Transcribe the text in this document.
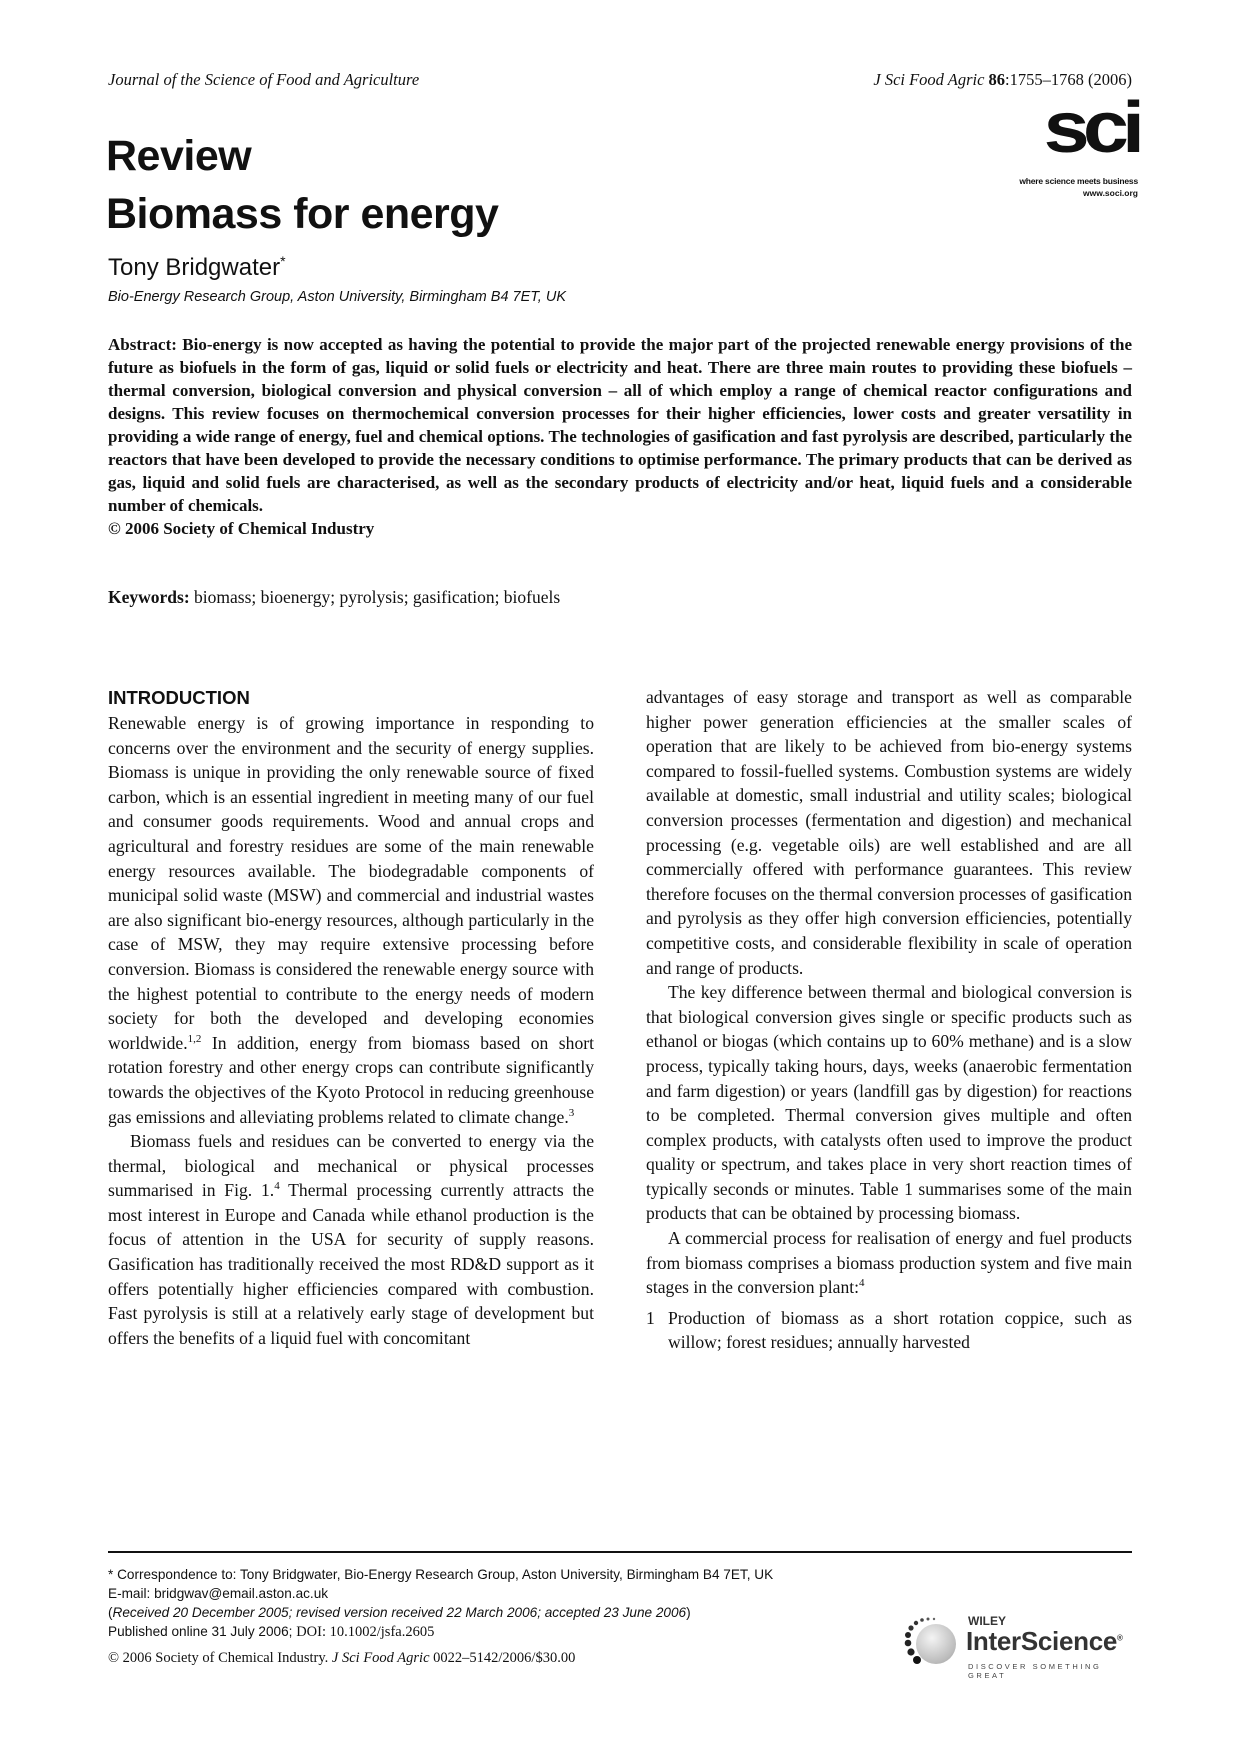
Journal of the Science of Food and Agriculture	J Sci Food Agric 86:1755–1768 (2006)
sci
where science meets business
www.soci.org
Review
Biomass for energy
Tony Bridgwater*
Bio-Energy Research Group, Aston University, Birmingham B4 7ET, UK

Abstract: Bio-energy is now accepted as having the potential to provide the major part of the projected renewable energy provisions of the future as biofuels in the form of gas, liquid or solid fuels or electricity and heat. There are three main routes to providing these biofuels – thermal conversion, biological conversion and physical conversion – all of which employ a range of chemical reactor configurations and designs. This review focuses on thermochemical conversion processes for their higher efficiencies, lower costs and greater versatility in providing a wide range of energy, fuel and chemical options. The technologies of gasification and fast pyrolysis are described, particularly the reactors that have been developed to provide the necessary conditions to optimise performance. The primary products that can be derived as gas, liquid and solid fuels are characterised, as well as the secondary products of electricity and/or heat, liquid fuels and a considerable number of chemicals.

© 2006 Society of Chemical Industry

Keywords: biomass; bioenergy; pyrolysis; gasification; biofuels
INTRODUCTION

Renewable energy is of growing importance in responding to concerns over the environment and the security of energy supplies. Biomass is unique in providing the only renewable source of fixed carbon, which is an essential ingredient in meeting many of our fuel and consumer goods requirements. Wood and annual crops and agricultural and forestry residues are some of the main renewable energy resources available. The biodegradable components of municipal solid waste (MSW) and commercial and industrial wastes are also significant bio-energy resources, although particularly in the case of MSW, they may require extensive processing before conversion. Biomass is considered the renewable energy source with the highest potential to contribute to the energy needs of modern society for both the developed and developing economies worldwide.$^{1,2}$ In addition, energy from biomass based on short rotation forestry and other energy crops can contribute significantly towards the objectives of the Kyoto Protocol in reducing greenhouse gas emissions and alleviating problems related to climate change.$^3$

Biomass fuels and residues can be converted to energy via the thermal, biological and mechanical or physical processes summarised in Fig. 1.$^4$ Thermal processing currently attracts the most interest in Europe and Canada while ethanol production is the focus of attention in the USA for security of supply reasons. Gasification has traditionally received the most RD&D support as it offers potentially higher efficiencies compared with combustion. Fast pyrolysis is still at a relatively early stage of development but offers the benefits of a liquid fuel with concomitant

advantages of easy storage and transport as well as comparable higher power generation efficiencies at the smaller scales of operation that are likely to be achieved from bio-energy systems compared to fossil-fuelled systems. Combustion systems are widely available at domestic, small industrial and utility scales; biological conversion processes (fermentation and digestion) and mechanical processing (e.g. vegetable oils) are well established and are all commercially offered with performance guarantees. This review therefore focuses on the thermal conversion processes of gasification and pyrolysis as they offer high conversion efficiencies, potentially competitive costs, and considerable flexibility in scale of operation and range of products.

The key difference between thermal and biological conversion is that biological conversion gives single or specific products such as ethanol or biogas (which contains up to 60% methane) and is a slow process, typically taking hours, days, weeks (anaerobic fermentation and farm digestion) or years (landfill gas by digestion) for reactions to be completed. Thermal conversion gives multiple and often complex products, with catalysts often used to improve the product quality or spectrum, and takes place in very short reaction times of typically seconds or minutes. Table 1 summarises some of the main products that can be obtained by processing biomass.

A commercial process for realisation of energy and fuel products from biomass comprises a biomass production system and five main stages in the conversion plant:$^4$

1 Production of biomass as a short rotation coppice, such as willow; forest residues; annually harvested

* Correspondence to: Tony Bridgwater, Bio-Energy Research Group, Aston University, Birmingham B4 7ET, UK

E-mail: bridgwav@email.aston.ac.uk

(Received 20 December 2005; revised version received 22 March 2006; accepted 23 June 2006)

Published online 31 July 2006; DOI: 10.1002/jsfa.2605

© 2006 Society of Chemical Industry. J Sci Food Agric 0022–5142/2006/$30.00
WILEY
InterScience®
DISCOVER SOMETHING GREAT
